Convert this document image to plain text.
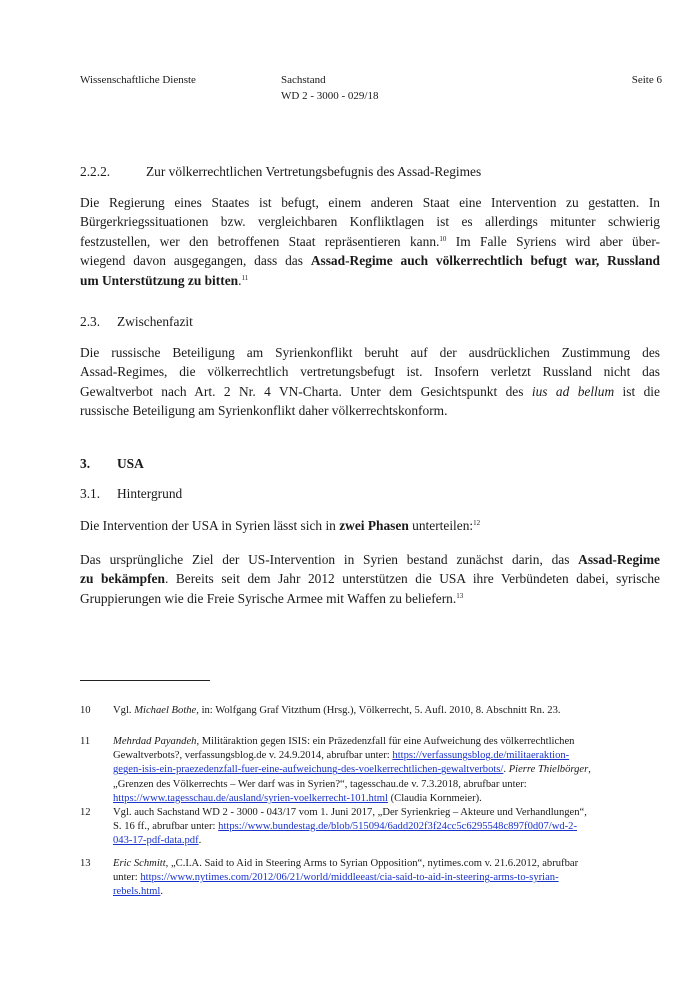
Wissenschaftliche Dienste	Sachstand
WD 2 - 3000 - 029/18
Seite 6
2.2.2.	Zur völkerrechtlichen Vertretungsbefugnis des Assad-Regimes
Die Regierung eines Staates ist befugt, einem anderen Staat eine Intervention zu gestatten. In
Bürgerkriegssituationen bzw. vergleichbaren Konfliktlagen ist es allerdings mitunter schwierig
festzustellen, wer den betroffenen Staat repräsentieren kann.$^{10}$ Im Falle Syriens wird aber über-
wiegend davon ausgegangen, dass das Assad-Regime auch völkerrechtlich befugt war, Russland
um Unterstützung zu bitten.$^{11}$
2.3. Zwischenfazit
Die russische Beteiligung am Syrienkonflikt beruht auf der ausdrücklichen Zustimmung des
Assad-Regimes, die völkerrechtlich vertretungsbefugt ist. Insofern verletzt Russland nicht das
Gewaltverbot nach Art. 2 Nr. 4 VN-Charta. Unter dem Gesichtspunkt des ius ad bellum ist die
russische Beteiligung am Syrienkonflikt daher völkerrechtskonform.
3. USA
3.1. Hintergrund
Die Intervention der USA in Syrien lässt sich in zwei Phasen unterteilen:$^{12}$
Das ursprüngliche Ziel der US-Intervention in Syrien bestand zunächst darin, das Assad-Regime
zu bekämpfen. Bereits seit dem Jahr 2012 unterstützen die USA ihre Verbündeten dabei, syrische
Gruppierungen wie die Freie Syrische Armee mit Waffen zu beliefern.$^{13}$
10 Vgl. Michael Bothe, in: Wolfgang Graf Vitzthum (Hrsg.), Völkerrecht, 5. Aufl. 2010, 8. Abschnitt Rn. 23.
11 Mehrdad Payandeh, Militäraktion gegen ISIS: ein Präzedenzfall für eine Aufweichung des völkerrechtlichen
Gewaltverbots?, verfassungsblog.de v. 24.9.2014, abrufbar unter: https://verfassungsblog.de/militaeraktion-
gegen-isis-ein-praezedenzfall-fuer-eine-aufweichung-des-voelkerrechtlichen-gewaltverbots/. Pierre Thielbörger,
„Grenzen des Völkerrechts – Wer darf was in Syrien?“, tagesschau.de v. 7.3.2018, abrufbar unter:
https://www.tagesschau.de/ausland/syrien-voelkerrecht-101.html (Claudia Kornmeier).
12 Vgl. auch Sachstand WD 2 - 3000 - 043/17 vom 1. Juni 2017, „Der Syrienkrieg – Akteure und Verhandlungen“,
S. 16 ff., abrufbar unter: https://www.bundestag.de/blob/515094/6add202f3f24cc5c6295548c897f0d07/wd-2-
043-17-pdf-data.pdf.
13 Eric Schmitt, „C.I.A. Said to Aid in Steering Arms to Syrian Opposition“, nytimes.com v. 21.6.2012, abrufbar
unter: https://www.nytimes.com/2012/06/21/world/middleeast/cia-said-to-aid-in-steering-arms-to-syrian-
rebels.html.
